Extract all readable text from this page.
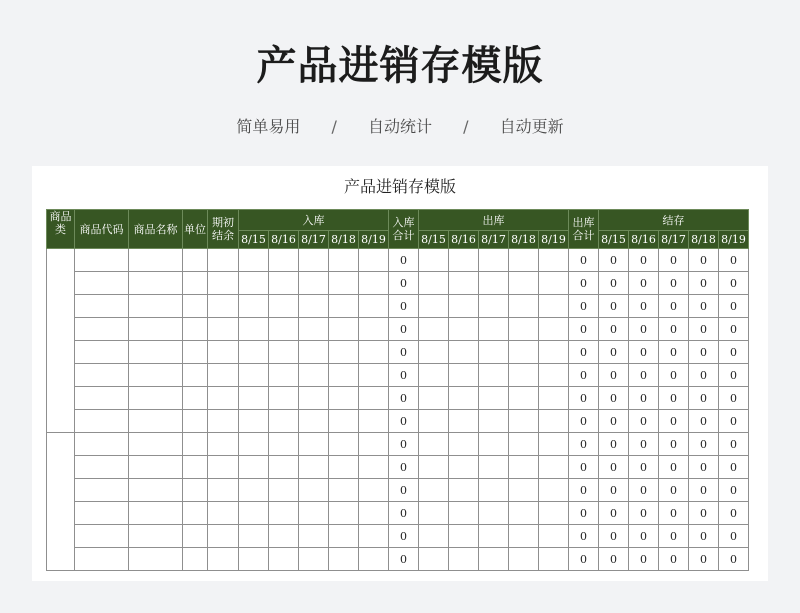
产品进销存模版
简单易用 / 自动统计 / 自动更新
产品进销存模版
商品类	商品代码	商品名称	单位	期初结余	入库					入库合计	出库					出库合计	结存				
					8/15	8/16	8/17	8/18	8/19		8/15	8/16	8/17	8/18	8/19		8/15	8/16	8/17	8/18	8/19
										0						0	0	0	0	0	0
										0						0	0	0	0	0	0
										0						0	0	0	0	0	0
										0						0	0	0	0	0	0
										0						0	0	0	0	0	0
										0						0	0	0	0	0	0
										0						0	0	0	0	0	0
										0						0	0	0	0	0	0
										0						0	0	0	0	0	0
										0						0	0	0	0	0	0
										0						0	0	0	0	0	0
										0						0	0	0	0	0	0
										0						0	0	0	0	0	0
										0						0	0	0	0	0	0
